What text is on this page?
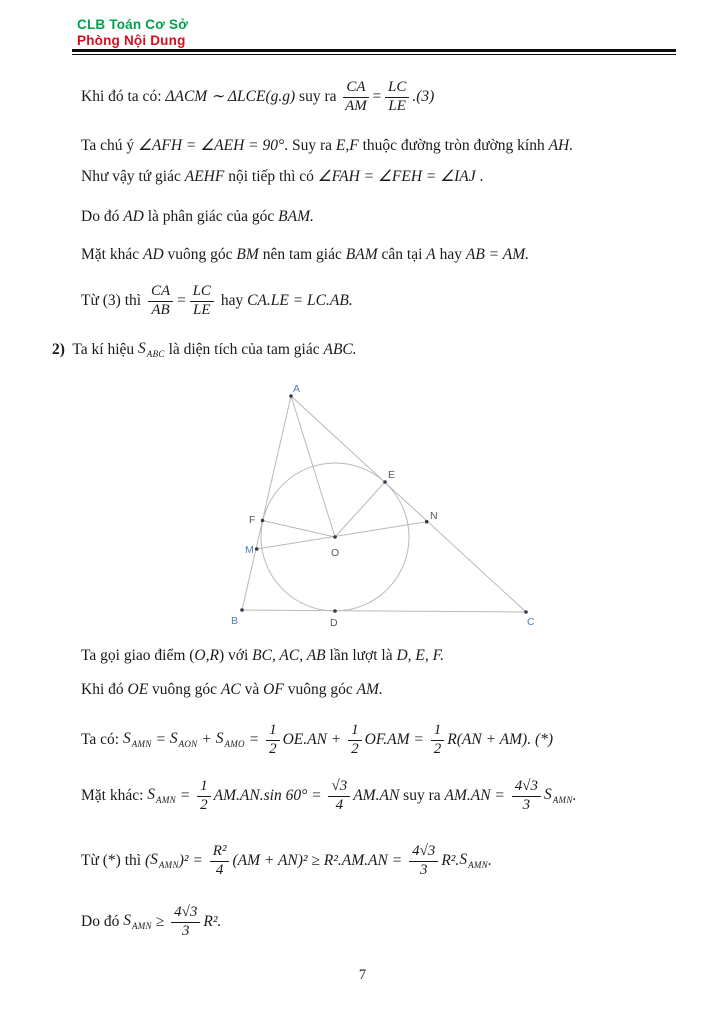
CLB Toán Cơ Sở
Phòng Nội Dung
Khi đó ta có: ΔACM ∼ ΔLCE(g.g) suy ra $\frac{CA}{AM} = \frac{LC}{LE} .(3)$
Ta chú ý ∠AFH = ∠AEH = 90° . Suy ra E,F thuộc đường tròn đường kính AH.
Như vậy tứ giác AEHF nội tiếp thì có ∠FAH = ∠FEH = ∠IAJ .
Do đó AD là phân giác của góc BAM.
Mặt khác AD vuông góc BM nên tam giác BAM cân tại A hay AB = AM.
Từ (3) thì $\frac{CA}{AB} = \frac{LC}{LE}$ hay CA.LE = LC.AB.
2) Ta kí hiệu $S_{ABC}$ là diện tích của tam giác ABC.
A
B	C
D
E
F
M
N
O
Ta gọi giao điểm ( O,R ) với BC, AC, AB lần lượt là D, E, F.
Khi đó OE vuông góc AC và OF vuông góc AM.
Ta có: $S_{AMN} = S_{AON} + S_{AMO} = \frac{1}{2} OE.AN + \frac{1}{2} OF.AM = \frac{1}{2} R(AN + AM)$. (*)
Mặt khác: $S_{AMN} = \frac{1}{2} AM.AN.\sin$ $60^\circ = \frac{√3}{4} AM.AN$ suy ra $AM.AN = \frac{4√3}{3} S_{AMN}$ .
Từ (*) thì ( $S_{AMN}$ )$^2 = \frac{\text{R²}}{4} (AM + AN)^2 \ge R^2.AM.AN = \frac{4√3}{3} R^2$. $S_{AMN}$ .
Do đó $S_{AMN} \ge \frac{4√3}{3} R^2$.
7
